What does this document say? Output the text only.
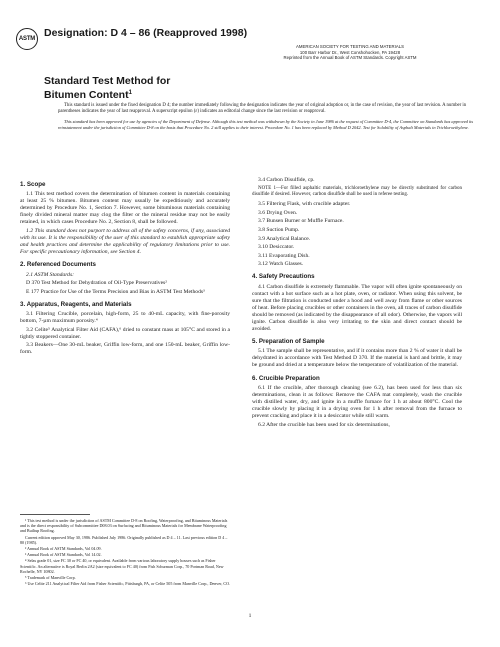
ASTM Designation: D 4 – 86 (Reapproved 1998)
AMERICAN SOCIETY FOR TESTING AND MATERIALS
100 Barr Harbor Dr., West Conshohocken, PA 19428
Reprinted from the Annual Book of ASTM Standards. Copyright ASTM
Standard Test Method for
Bitumen Content$^1$

This standard is issued under the fixed designation D 4; the number immediately following the designation indicates the year of original adoption or, in the case of revision, the year of last revision. A number in parentheses indicates the year of last reapproval. A superscript epsilon (ε) indicates an editorial change since the last revision or reapproval.

This standard has been approved for use by agencies of the Department of Defense. Although this test method was withdrawn by the Society in June 1986 at the request of Committee D-4, the Committee on Standards has approved its reinstatement under the jurisdiction of Committee D-8 on the basis that Procedure No. 2 still applies to their interest. Procedure No. 1 has been replaced by Method D 2042. Test for Solubility of Asphalt Materials in Trichloroethylene.

1. Scope

1.1 This test method covers the determination of bitumen content in materials containing at least 25 % bitumen. Bitumen content may usually be expeditiously and accurately determined by Procedure No. 1, Section 7. However, some bituminous materials containing finely divided mineral matter may clog the filter or the mineral residue may not be easily retained, in which cases Procedure No. 2, Section 8, shall be followed.

1.2 This standard does not purport to address all of the safety concerns, if any, associated with its use. It is the responsibility of the user of this standard to establish appropriate safety and health practices and determine the applicability of regulatory limitations prior to use. For specific precautionary information, see Section 4.

2. Referenced Documents

2.1 ASTM Standards:

D 370 Test Method for Dehydration of Oil-Type Preservatives²
E 177 Practice for Use of the Terms Precision and Bias in ASTM Test Methods³
3. Apparatus, Reagents, and Materials

3.1 Filtering Crucible, porcelain, high-form, 25 to 40-mL capacity, with fine-porosity bottom, 7-µm maximum porosity.⁴

3.2 Celite⁵ Analytical Filter Aid (CAFA),⁶ dried to constant mass at 105°C and stored in a tightly stoppered container.

3.3 Beakers—One 30-mL beaker, Griffin low-form, and one 150-mL beaker, Griffin low-form.

¹ This test method is under the jurisdiction of ASTM Committee D-8 on Roofing, Waterproofing, and Bituminous Materials and is the direct responsibility of Subcommittee D08.03 on Surfacing and Bituminous Materials for Membrane Waterproofing and Builtup Roofing.

Current edition approved May 30, 1986. Published July 1986. Originally published as D 4 – 11. Last previous edition D 4 – 80 (1985).

² Annual Book of ASTM Standards, Vol 04.09.

³ Annual Book of ASTM Standards, Vol 14.02.

⁴ Selas grade 01, size FC 30 or FC 40, or equivalent. Available from various laboratory supply houses such as Fisher Scientific. An alternative is Royal Berlin 2A2 (size equivalent to FC 40) from Fish Schurman Corp., 70 Portman Road, New Rochelle, NY 10802.

⁵ Trademark of Manville Corp.

⁶ Use Celite 211 Analytical Filter Aid from Fisher Scientific, Pittsburgh, PA, or Celite 505 from Manville Corp., Denver, CO.

3.4 Carbon Disulfide, cp.

NOTE 1—For filled asphaltic materials, trichloroethylene may be directly substituted for carbon disulfide if desired. However, carbon disulfide shall be used in referee testing.

3.5 Filtering Flask, with crucible adapter.
3.6 Drying Oven.
3.7 Bunsen Burner or Muffle Furnace.
3.8 Suction Pump.
3.9 Analytical Balance.
3.10 Desiccator.
3.11 Evaporating Dish.
3.12 Watch Glasses.
4. Safety Precautions

4.1 Carbon disulfide is extremely flammable. The vapor will often ignite spontaneously on contact with a hot surface such as a hot plate, oven, or radiator. When using this solvent, be sure that the filtration is conducted under a hood and well away from flame or other sources of heat. Before placing crucibles or other containers in the oven, all traces of carbon disulfide should be removed (as indicated by the disappearance of all odor). Otherwise, the vapors will ignite. Carbon disulfide is also very irritating to the skin and direct contact should be avoided.

5. Preparation of Sample

5.1 The sample shall be representative, and if it contains more than 2 % of water it shall be dehydrated in accordance with Test Method D 370. If the material is hard and brittle, it may be ground and dried at a temperature below the temperature of volatilization of the material.

6. Crucible Preparation

6.1 If the crucible, after thorough cleaning (see 6.2), has been used for less than six determinations, clean it as follows: Remove the CAFA mat completely, wash the crucible with distilled water, dry, and ignite in a muffle furnace for 1 h at about 800°C. Cool the crucible slowly by placing it in a drying oven for 1 h after removal from the furnace to prevent cracking and place it in a desiccator while still warm.

6.2 After the crucible has been used for six determinations,

1
